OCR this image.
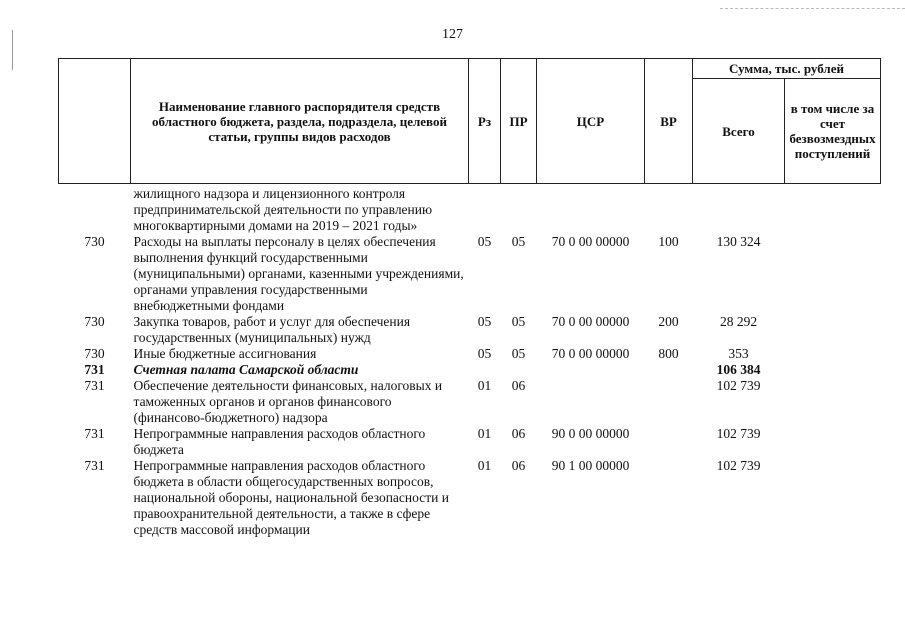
127
	Наименование главного распорядителя средств областного бюджета, раздела, подраздела, целевой статьи, группы видов расходов	Рз	ПР	ЦСР	ВР	Сумма, тыс. рублей	
						Всего	в том числе за счет безвозмездных поступлений
	жилищного надзора и лицензионного контроля предпринимательской деятельности по управлению многоквартирными домами на 2019 – 2021 годы»						
730	Расходы на выплаты персоналу в целях обеспечения выполнения функций государственными (муниципальными) органами, казенными учреждениями, органами управления государственными внебюджетными фондами	05	05	70 0 00 00000	100	130 324	
730	Закупка товаров, работ и услуг для обеспечения государственных (муниципальных) нужд	05	05	70 0 00 00000	200	28 292	
730	Иные бюджетные ассигнования	05	05	70 0 00 00000	800	353	
731	Счетная палата Самарской области					106 384	
731	Обеспечение деятельности финансовых, налоговых и таможенных органов и органов финансового (финансово-бюджетного) надзора	01	06			102 739	
731	Непрограммные направления расходов областного бюджета	01	06	90 0 00 00000		102 739	
731	Непрограммные направления расходов областного бюджета в области общегосударственных вопросов, национальной обороны, национальной безопасности и правоохранительной деятельности, а также в сфере средств массовой информации	01	06	90 1 00 00000		102 739	
